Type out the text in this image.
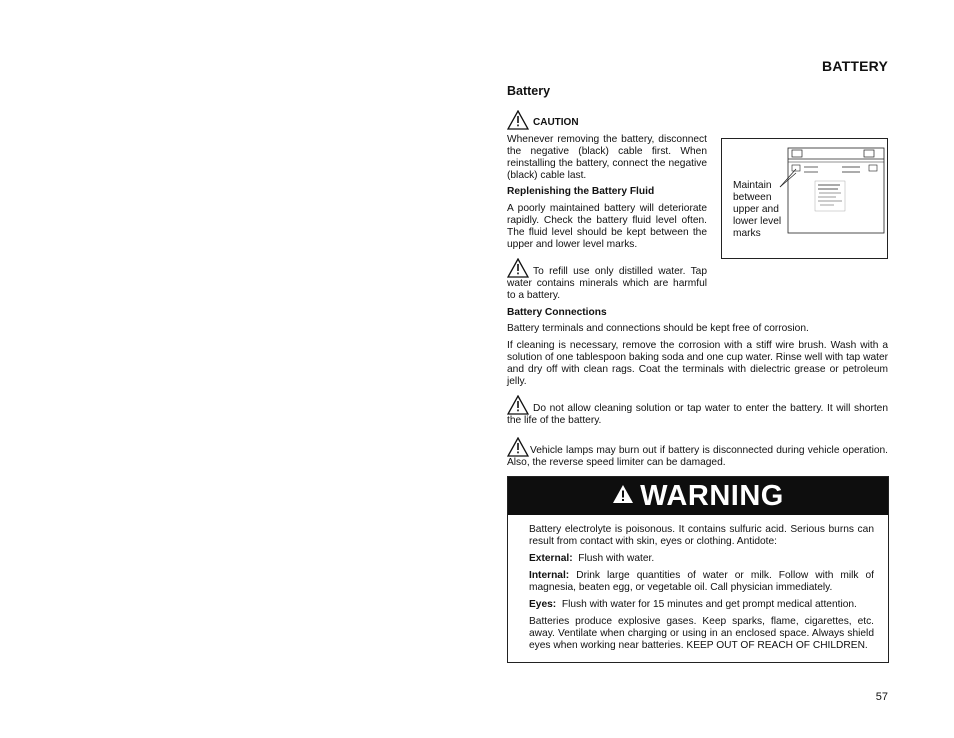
BATTERY
Battery
CAUTION
Whenever removing the battery, disconnect the negative (black) cable first. When reinstalling the battery, connect the negative (black) cable last.
Replenishing the Battery Fluid
A poorly maintained battery will deteriorate rapidly. Check the battery fluid level often. The fluid level should be kept between the upper and lower level marks.
Maintain between upper and lower level marks
To refill use only distilled water. Tap water contains minerals which are harmful to a battery.
Battery Connections
Battery terminals and connections should be kept free of corrosion.
If cleaning is necessary, remove the corrosion with a stiff wire brush. Wash with a solution of one tablespoon baking soda and one cup water. Rinse well with tap water and dry off with clean rags. Coat the terminals with dielectric grease or petroleum jelly.
Do not allow cleaning solution or tap water to enter the battery. It will shorten the life of the battery.
Vehicle lamps may burn out if battery is disconnected during vehicle operation. Also, the reverse speed limiter can be damaged.
WARNING
Battery electrolyte is poisonous. It contains sulfuric acid. Serious burns can result from contact with skin, eyes or clothing. Antidote:
External: Flush with water.
Internal: Drink large quantities of water or milk. Follow with milk of magnesia, beaten egg, or vegetable oil. Call physician immediately.
Eyes: Flush with water for 15 minutes and get prompt medical attention.
Batteries produce explosive gases. Keep sparks, flame, cigarettes, etc. away. Ventilate when charging or using in an enclosed space. Always shield eyes when working near batteries. KEEP OUT OF REACH OF CHILDREN.
57
